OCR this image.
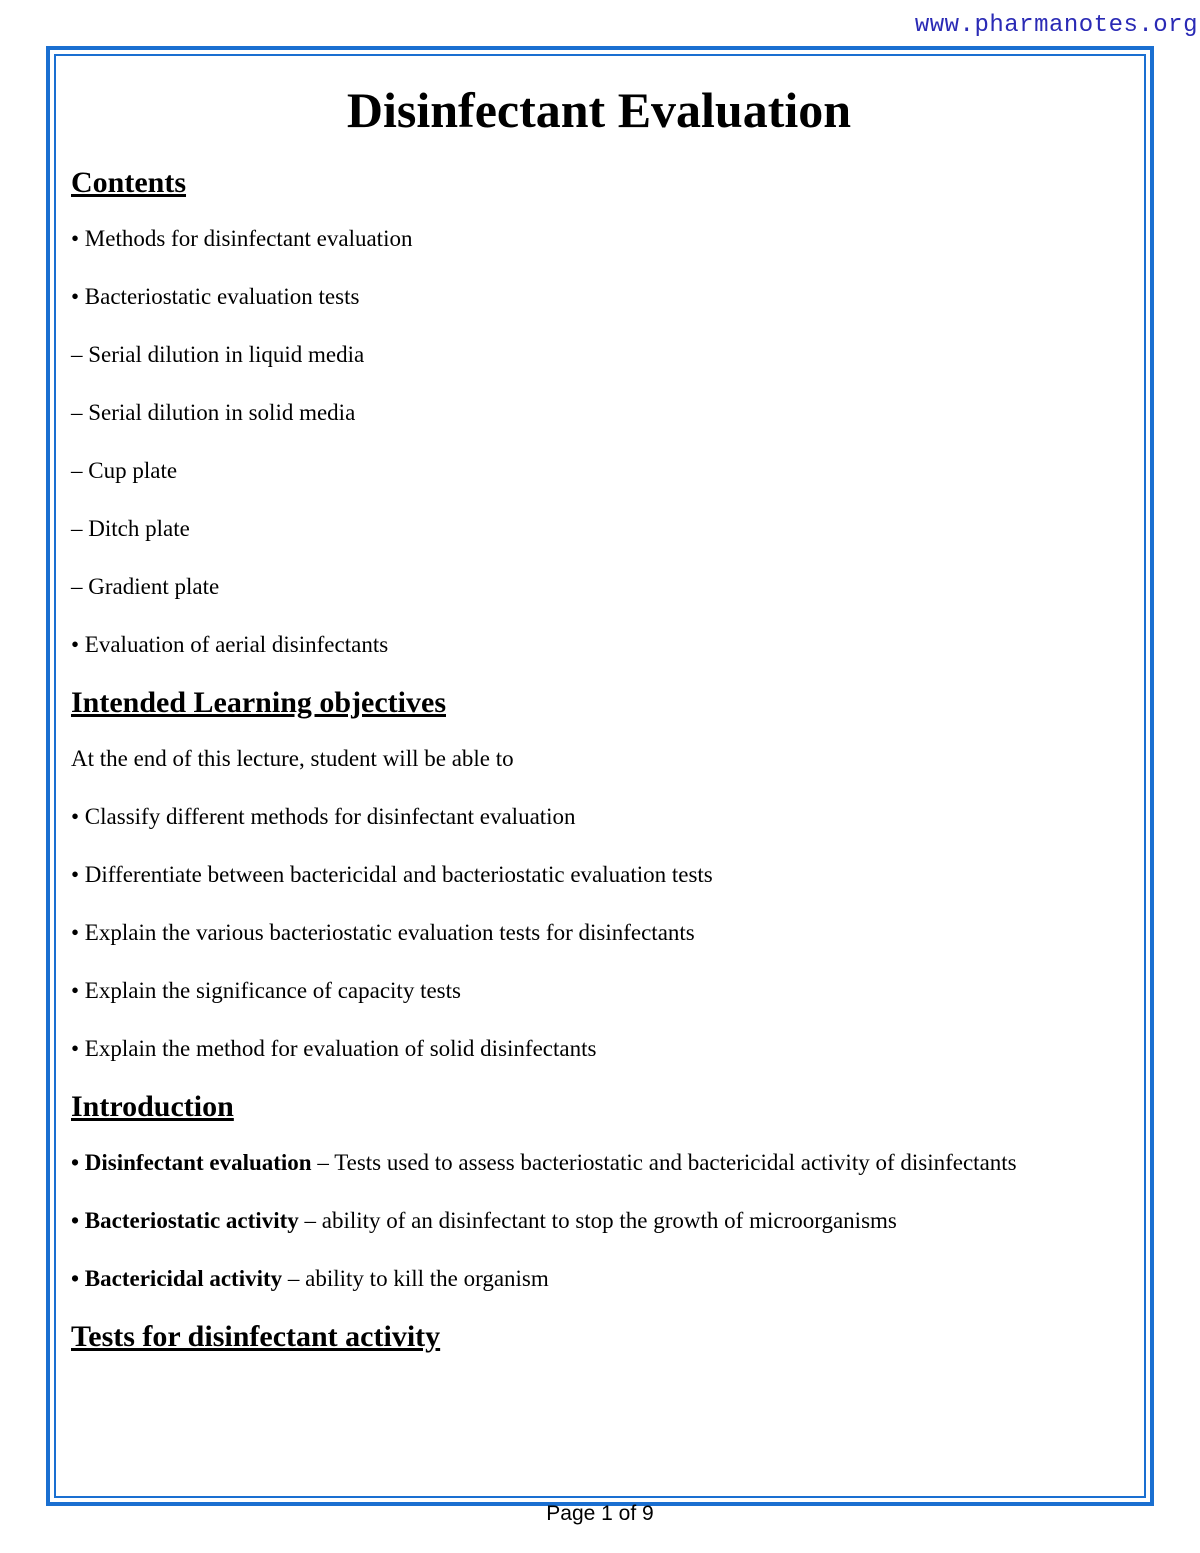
www.pharmanotes.org
Disinfectant Evaluation

Contents

• Methods for disinfectant evaluation

• Bacteriostatic evaluation tests

– Serial dilution in liquid media

– Serial dilution in solid media

– Cup plate

– Ditch plate

– Gradient plate

• Evaluation of aerial disinfectants

Intended Learning objectives

At the end of this lecture, student will be able to

• Classify different methods for disinfectant evaluation

• Differentiate between bactericidal and bacteriostatic evaluation tests

• Explain the various bacteriostatic evaluation tests for disinfectants

• Explain the significance of capacity tests

• Explain the method for evaluation of solid disinfectants

Introduction

• Disinfectant evaluation – Tests used to assess bacteriostatic and bactericidal activity of disinfectants

• Bacteriostatic activity – ability of an disinfectant to stop the growth of microorganisms

• Bactericidal activity – ability to kill the organism

Tests for disinfectant activity

Page 1 of 9
